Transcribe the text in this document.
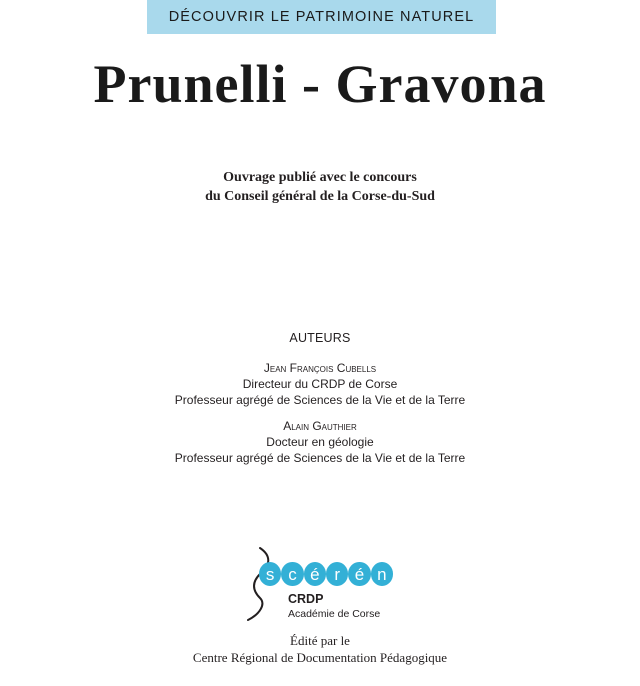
DÉCOUVRIR LE PATRIMOINE NATUREL
Prunelli - Gravona
Ouvrage publié avec le concours
du Conseil général de la Corse-du-Sud
AUTEURS
Jean François Cubells
Directeur du CRDP de Corse
Professeur agrégé de Sciences de la Vie et de la Terre
Alain Gauthier
Docteur en géologie
Professeur agrégé de Sciences de la Vie et de la Terre
s c é r é n
CRDP
Académie de Corse
Édité par le
Centre Régional de Documentation Pédagogique
